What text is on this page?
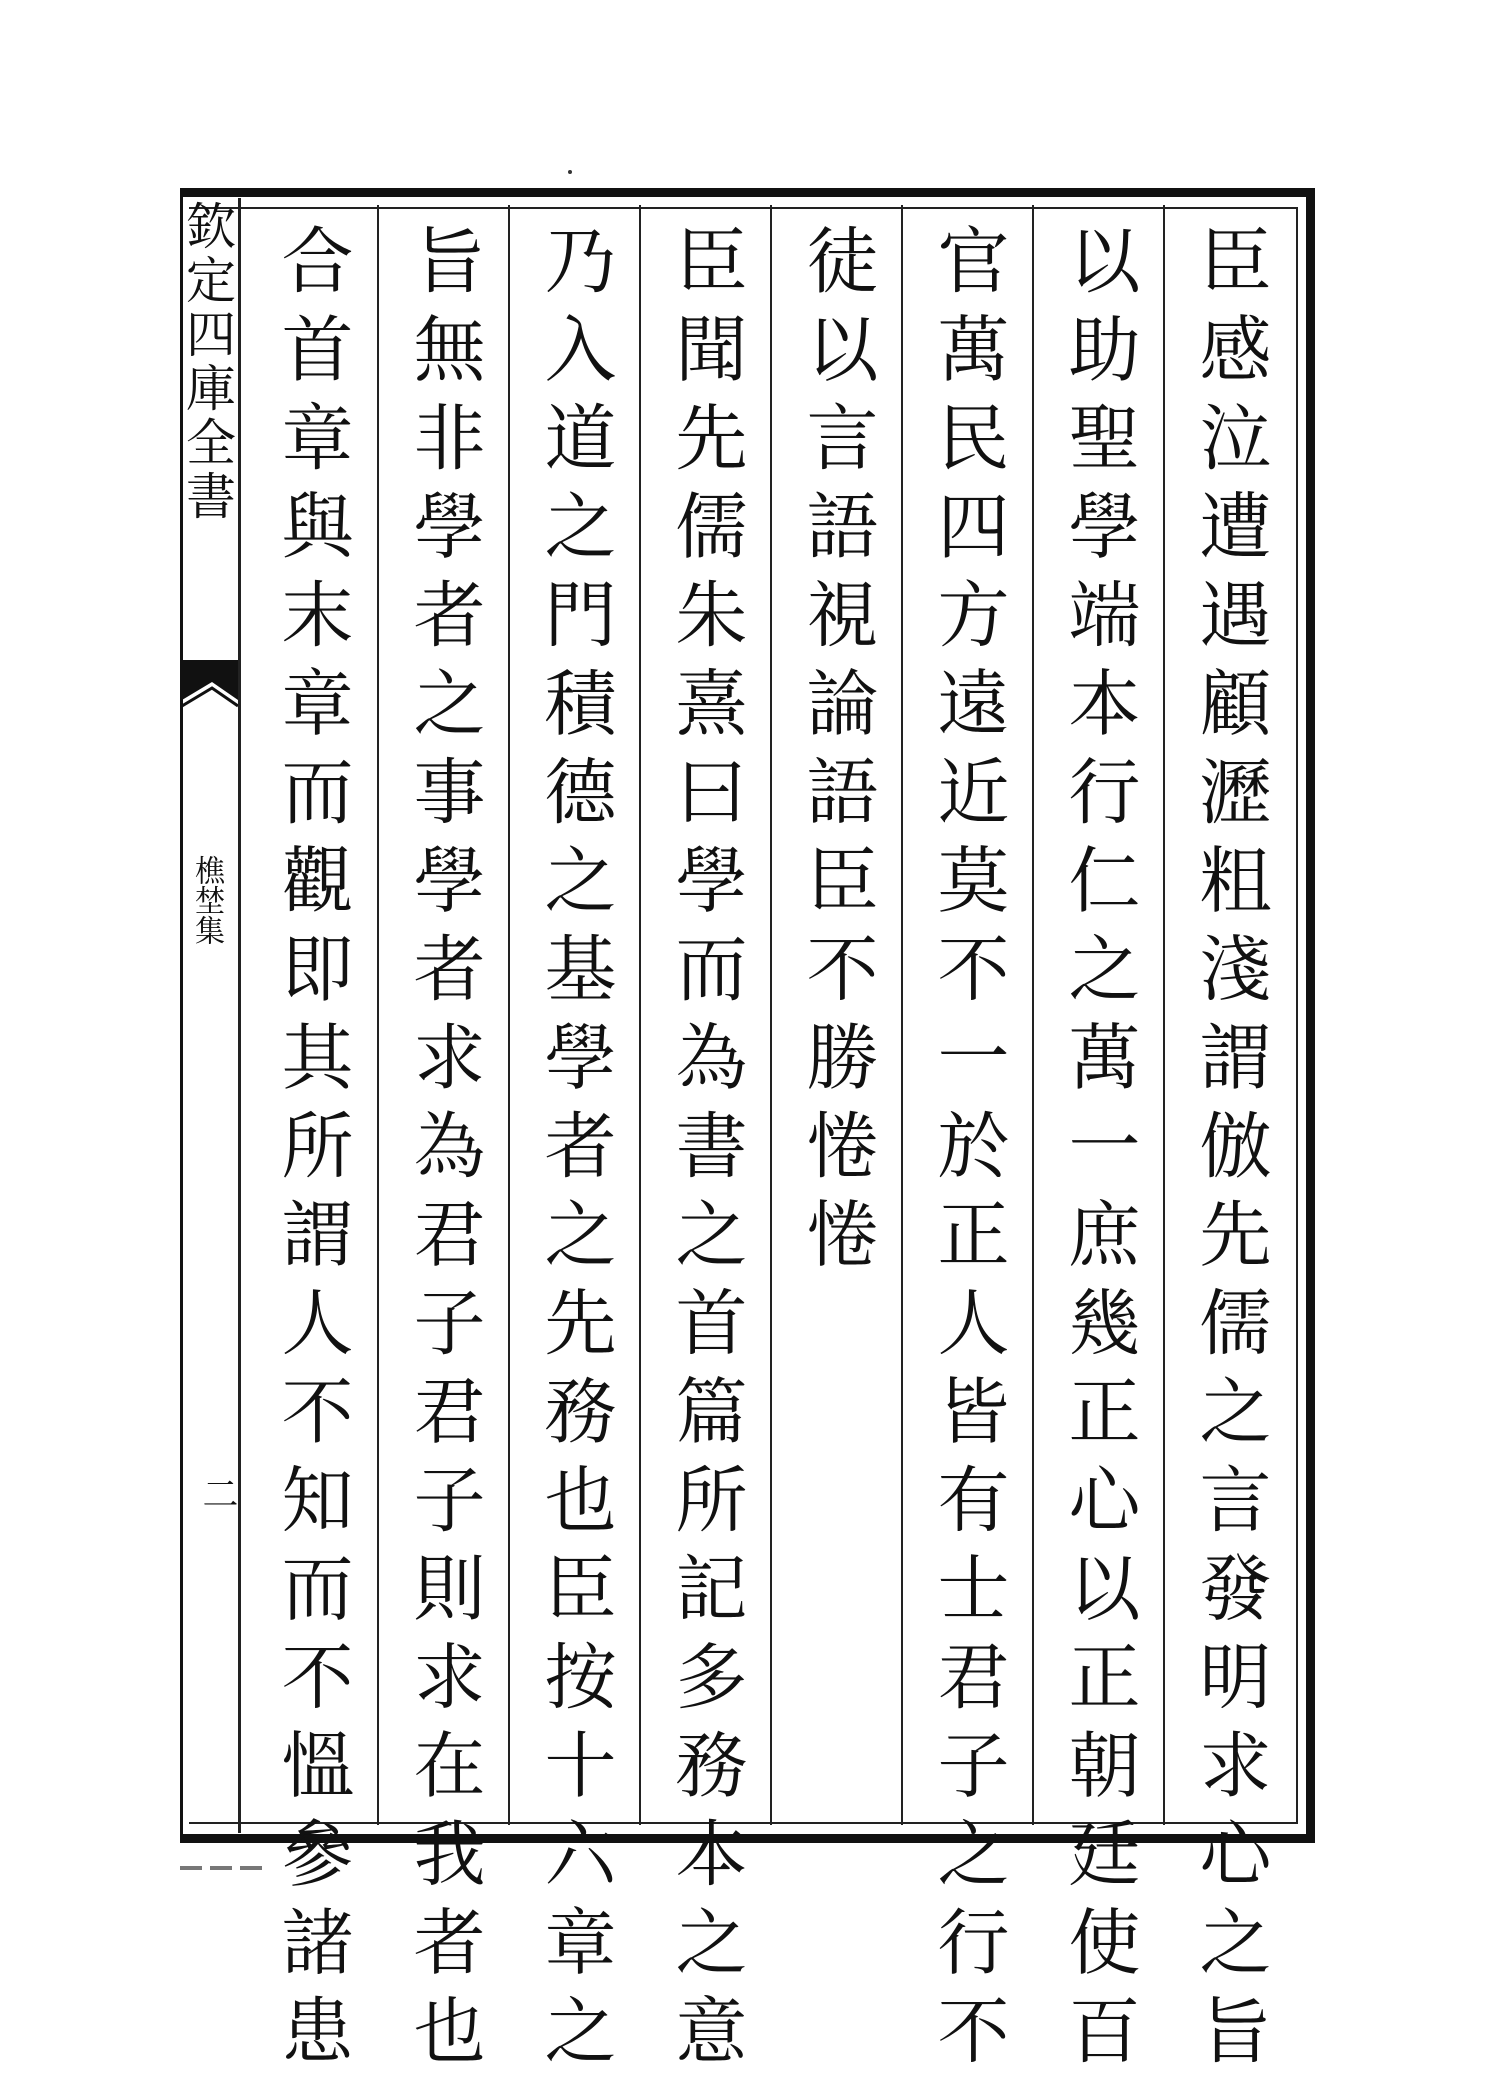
欽定四庫全書
樵埜集
二	臣感泣遭遇顧瀝粗淺謂倣先儒之言發明求心之旨
以助聖學端本行仁之萬一庶幾正心以正朝廷使百
官萬民四方遠近莫不一於正人皆有士君子之行不
徒以言語視論語臣不勝惓惓
臣聞先儒朱熹曰學而為書之首篇所記多務本之意
乃入道之門積德之基學者之先務也臣按十六章之
旨無非學者之事學者求為君子君子則求在我者也
合首章與末章而觀即其所謂人不知而不慍參諸患
